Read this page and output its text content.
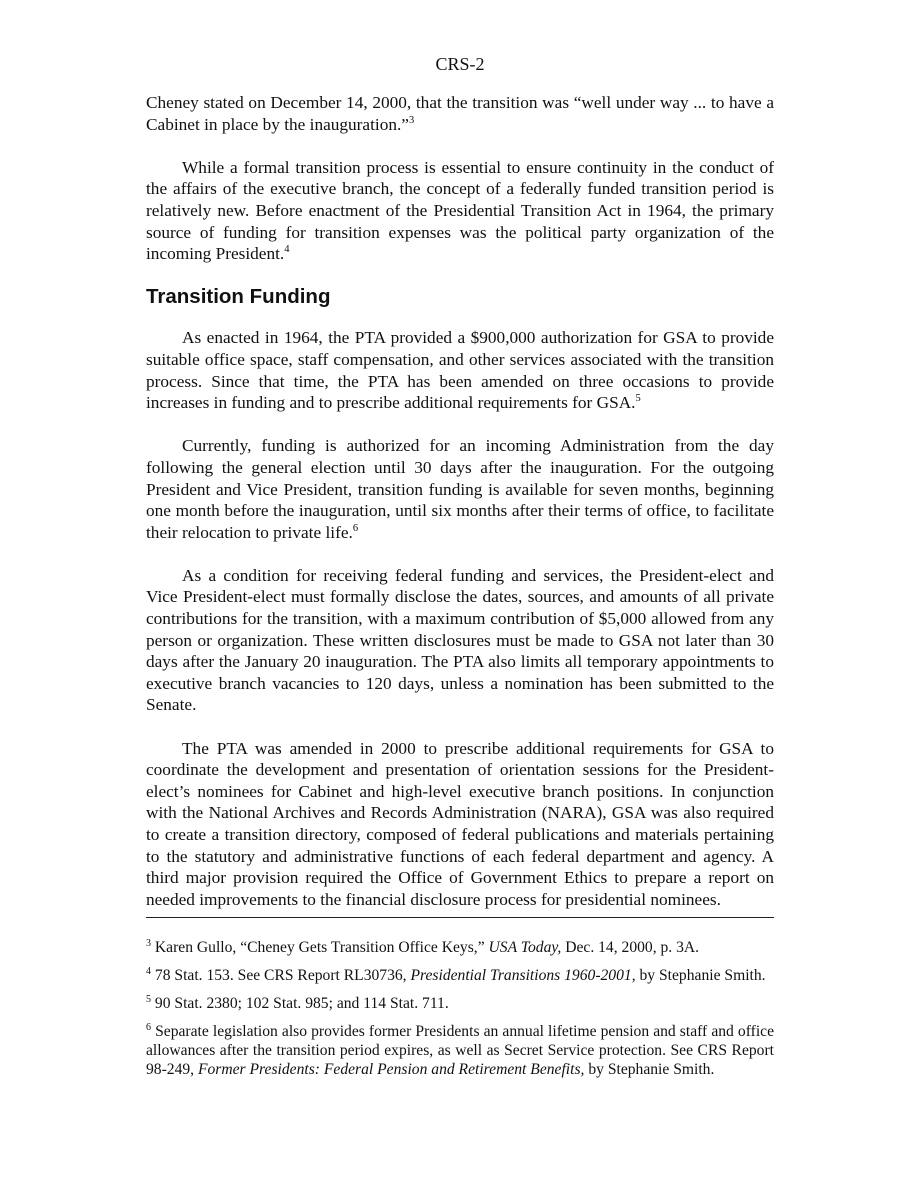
CRS-2

Cheney stated on December 14, 2000, that the transition was “well under way ... to have a Cabinet in place by the inauguration.”$^3$

While a formal transition process is essential to ensure continuity in the conduct of the affairs of the executive branch, the concept of a federally funded transition period is relatively new. Before enactment of the Presidential Transition Act in 1964, the primary source of funding for transition expenses was the political party organization of the incoming President.$^4$

Transition Funding

As enacted in 1964, the PTA provided a $900,000 authorization for GSA to provide suitable office space, staff compensation, and other services associated with the transition process. Since that time, the PTA has been amended on three occasions to provide increases in funding and to prescribe additional requirements for GSA.$^5$

Currently, funding is authorized for an incoming Administration from the day following the general election until 30 days after the inauguration. For the outgoing President and Vice President, transition funding is available for seven months, beginning one month before the inauguration, until six months after their terms of office, to facilitate their relocation to private life.$^6$

As a condition for receiving federal funding and services, the President-elect and Vice President-elect must formally disclose the dates, sources, and amounts of all private contributions for the transition, with a maximum contribution of $5,000 allowed from any person or organization. These written disclosures must be made to GSA not later than 30 days after the January 20 inauguration. The PTA also limits all temporary appointments to executive branch vacancies to 120 days, unless a nomination has been submitted to the Senate.

The PTA was amended in 2000 to prescribe additional requirements for GSA to coordinate the development and presentation of orientation sessions for the President-elect’s nominees for Cabinet and high-level executive branch positions. In conjunction with the National Archives and Records Administration (NARA), GSA was also required to create a transition directory, composed of federal publications and materials pertaining to the statutory and administrative functions of each federal department and agency. A third major provision required the Office of Government Ethics to prepare a report on needed improvements to the financial disclosure process for presidential nominees.

$^3$ Karen Gullo, “Cheney Gets Transition Office Keys,” USA Today, Dec. 14, 2000, p. 3A.

$^4$ 78 Stat. 153. See CRS Report RL30736, Presidential Transitions 1960-2001, by Stephanie Smith.

$^5$ 90 Stat. 2380; 102 Stat. 985; and 114 Stat. 711.

$^6$ Separate legislation also provides former Presidents an annual lifetime pension and staff and office allowances after the transition period expires, as well as Secret Service protection. See CRS Report 98-249, Former Presidents: Federal Pension and Retirement Benefits, by Stephanie Smith.
